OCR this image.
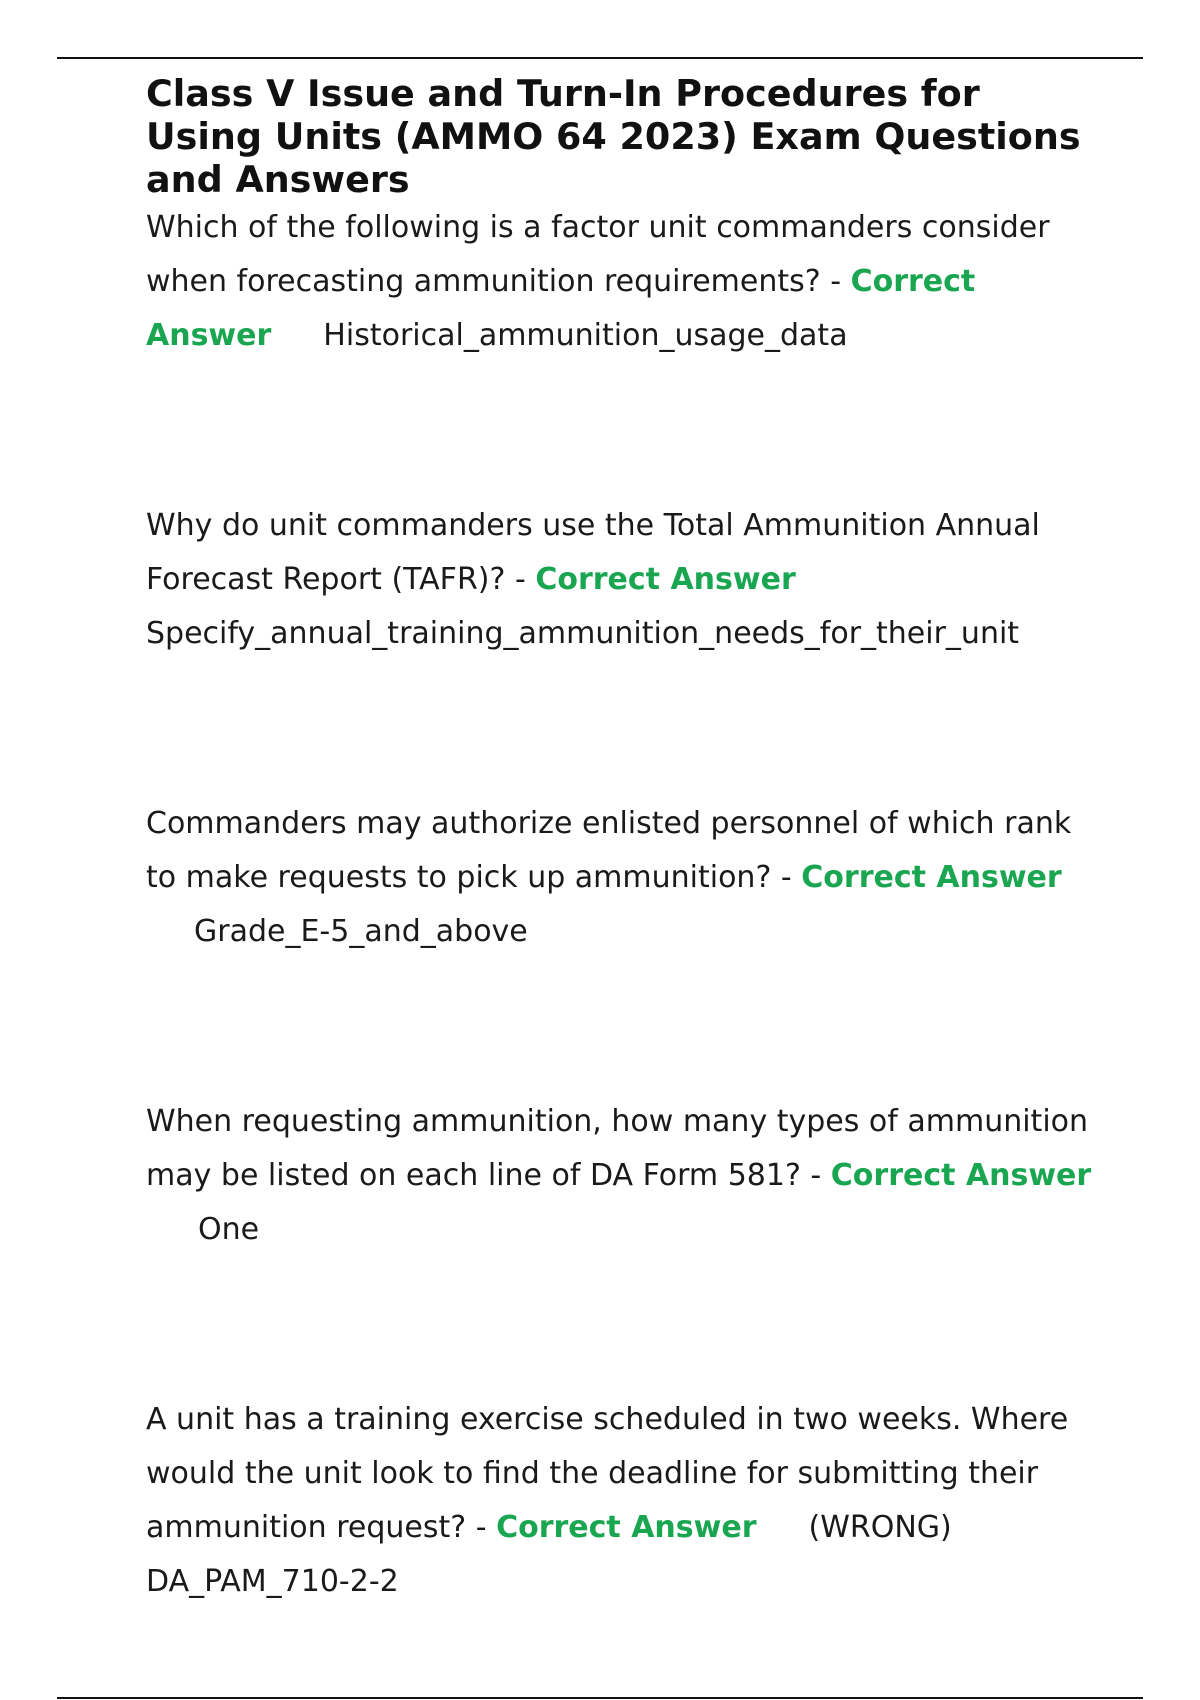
Class V Issue and Turn-In Procedures for Using Units (AMMO 64 2023) Exam Questions and Answers

Which of the following is a factor unit commanders consider when forecasting ammunition requirements? - Correct Answer Historical_ammunition_usage_data

Why do unit commanders use the Total Ammunition Annual Forecast Report (TAFR)? - Correct Answer
Specify_annual_training_ammunition_needs_for_their_unit

Commanders may authorize enlisted personnel of which rank to make requests to pick up ammunition? - Correct Answer
Grade_E-5_and_above

When requesting ammunition, how many types of ammunition may be listed on each line of DA Form 581? - Correct AnswerOne

A unit has a training exercise scheduled in two weeks. Where would the unit look to find the deadline for submitting their ammunition request? - Correct Answer (WRONG)
DA_PAM_710-2-2
